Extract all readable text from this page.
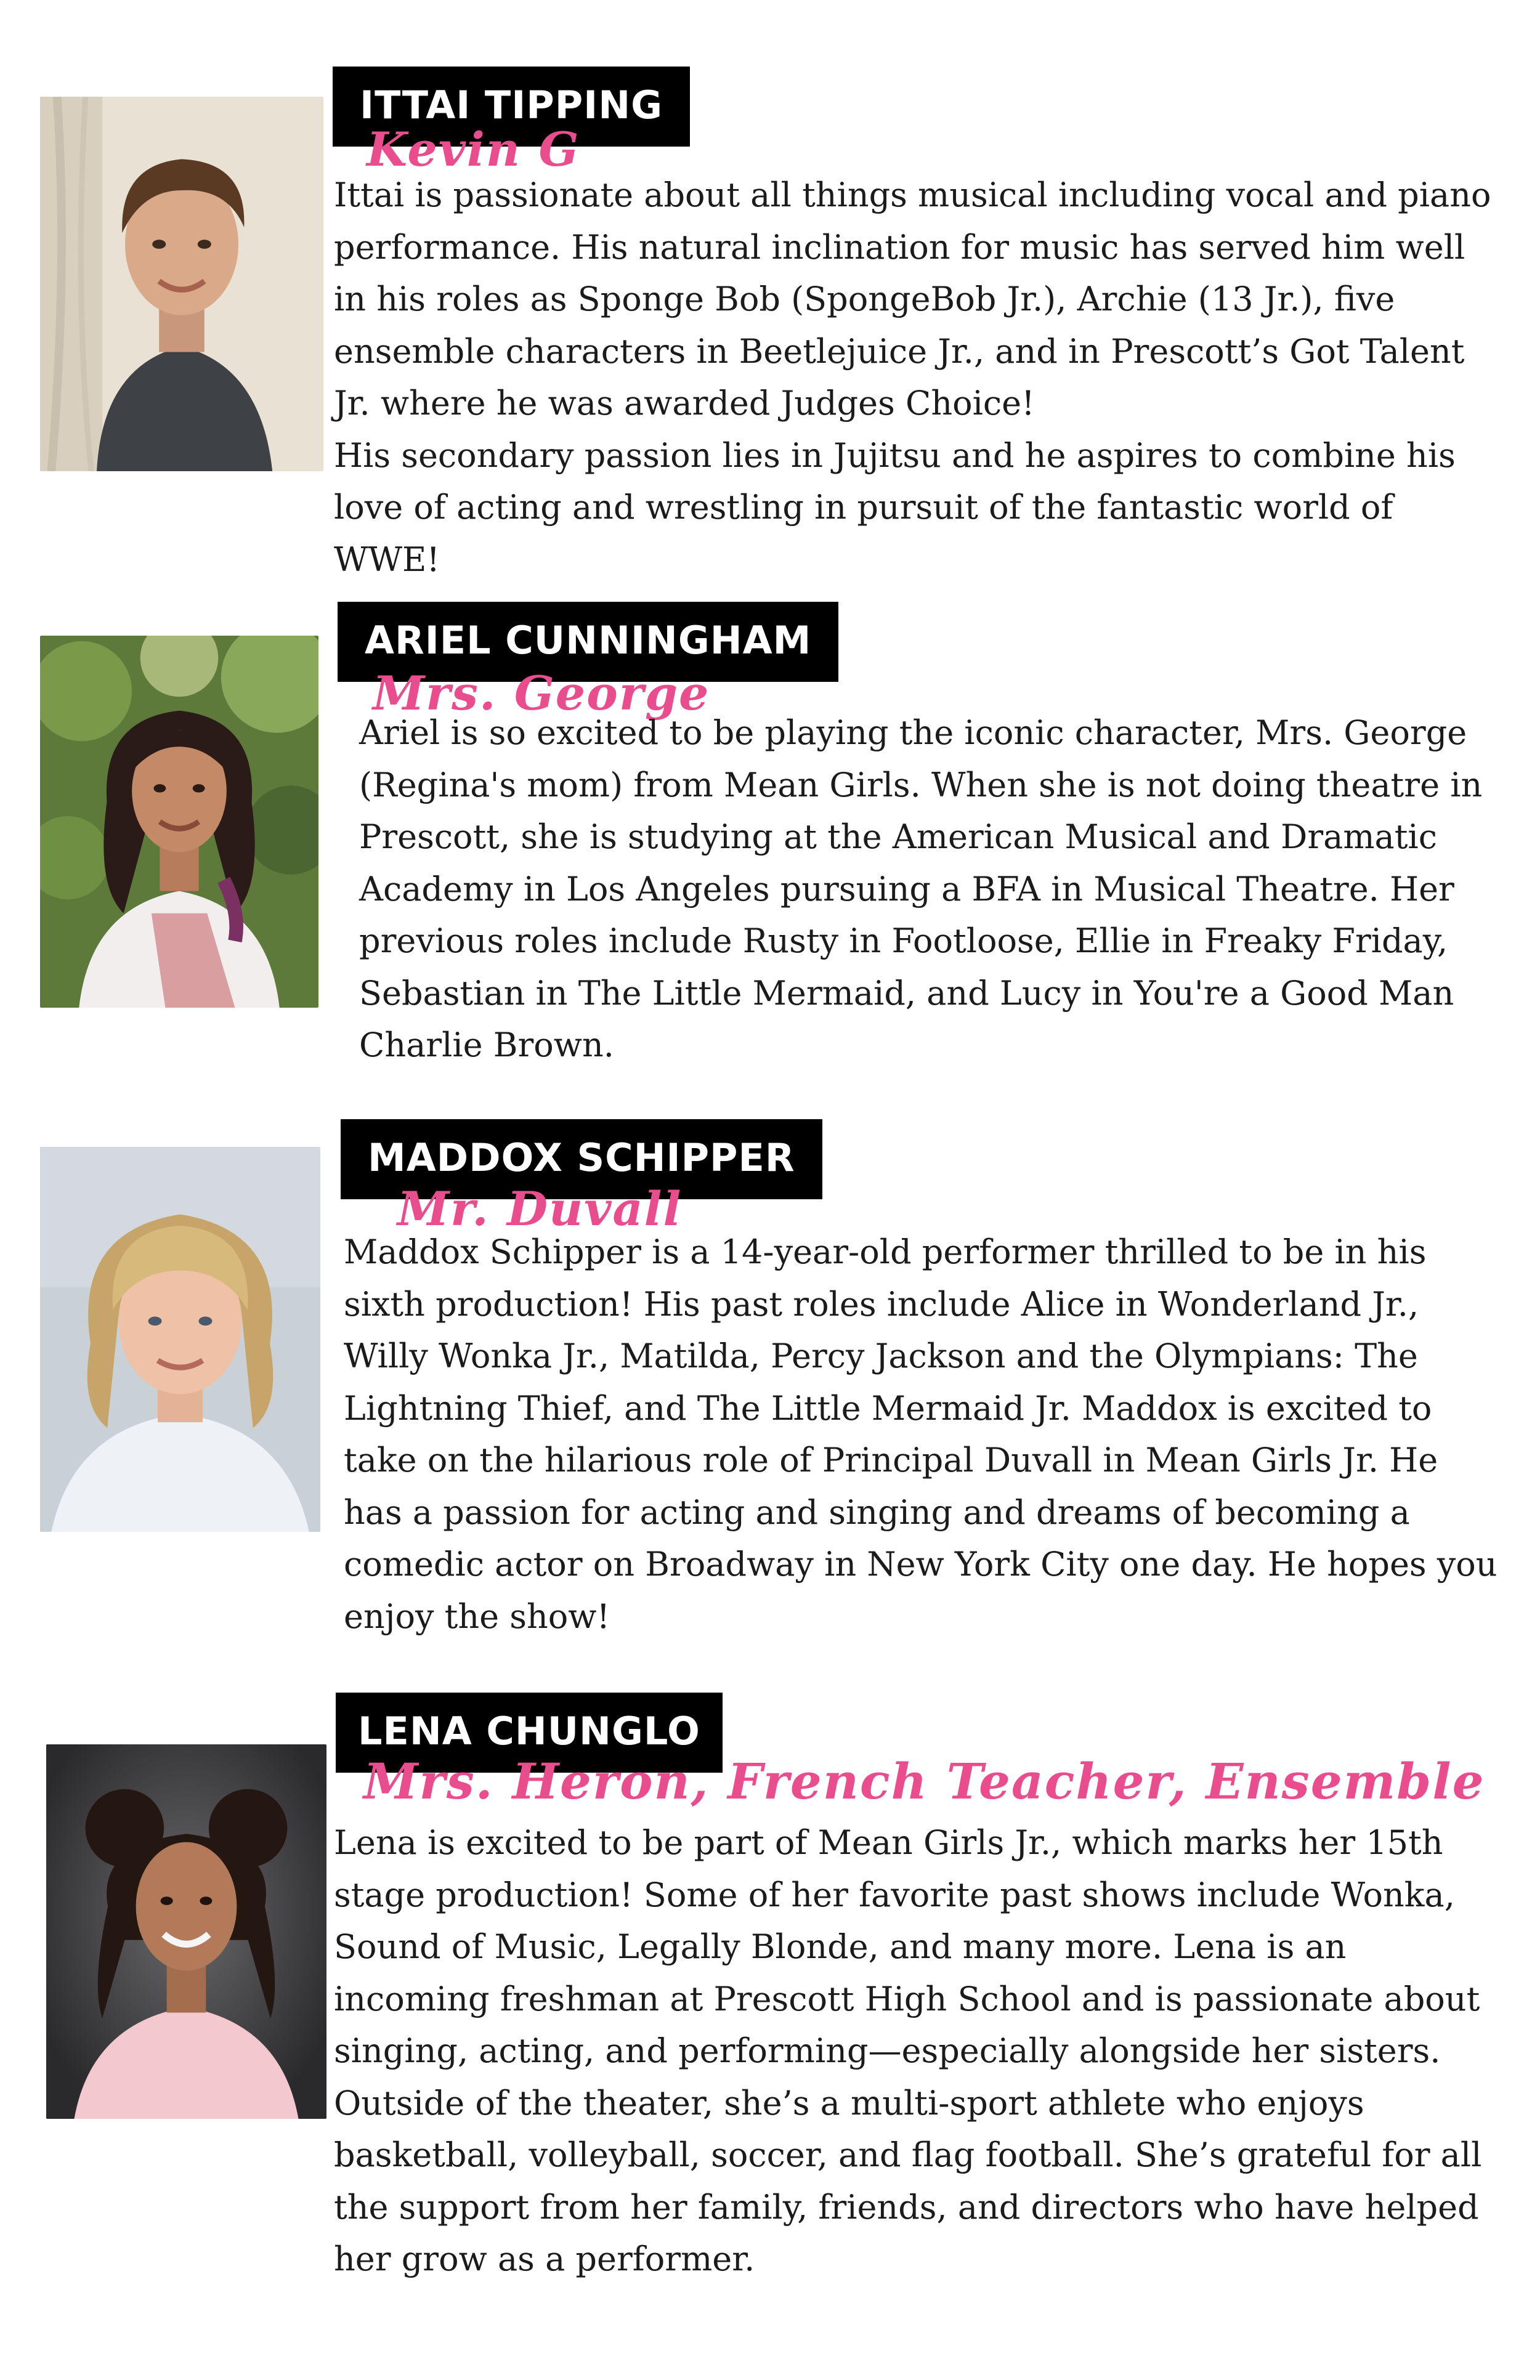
ITTAI TIPPING
Kevin G

Ittai is passionate about all things musical including vocal and piano performance. His natural inclination for music has served him well in his roles as Sponge Bob (SpongeBob Jr.), Archie (13 Jr.), five ensemble characters in Beetlejuice Jr., and in Prescott’s Got Talent Jr. where he was awarded Judges Choice!
His secondary passion lies in Jujitsu and he aspires to combine his love of acting and wrestling in pursuit of the fantastic world of WWE!

ARIEL CUNNINGHAM
Mrs. George

Ariel is so excited to be playing the iconic character, Mrs. George (Regina's mom) from Mean Girls. When she is not doing theatre in Prescott, she is studying at the American Musical and Dramatic Academy in Los Angeles pursuing a BFA in Musical Theatre. Her previous roles include Rusty in Footloose, Ellie in Freaky Friday, Sebastian in The Little Mermaid, and Lucy in You're a Good Man Charlie Brown.

MADDOX SCHIPPER
Mr. Duvall

Maddox Schipper is a 14-year-old performer thrilled to be in his sixth production! His past roles include Alice in Wonderland Jr., Willy Wonka Jr., Matilda, Percy Jackson and the Olympians: The Lightning Thief, and The Little Mermaid Jr. Maddox is excited to take on the hilarious role of Principal Duvall in Mean Girls Jr. He has a passion for acting and singing and dreams of becoming a comedic actor on Broadway in New York City one day. He hopes you enjoy the show!

LENA CHUNGLO
Mrs. Heron, French Teacher, Ensemble

Lena is excited to be part of Mean Girls Jr., which marks her 15th stage production! Some of her favorite past shows include Wonka, Sound of Music, Legally Blonde, and many more. Lena is an incoming freshman at Prescott High School and is passionate about singing, acting, and performing—especially alongside her sisters. Outside of the theater, she’s a multi-sport athlete who enjoys basketball, volleyball, soccer, and flag football. She’s grateful for all the support from her family, friends, and directors who have helped her grow as a performer.
